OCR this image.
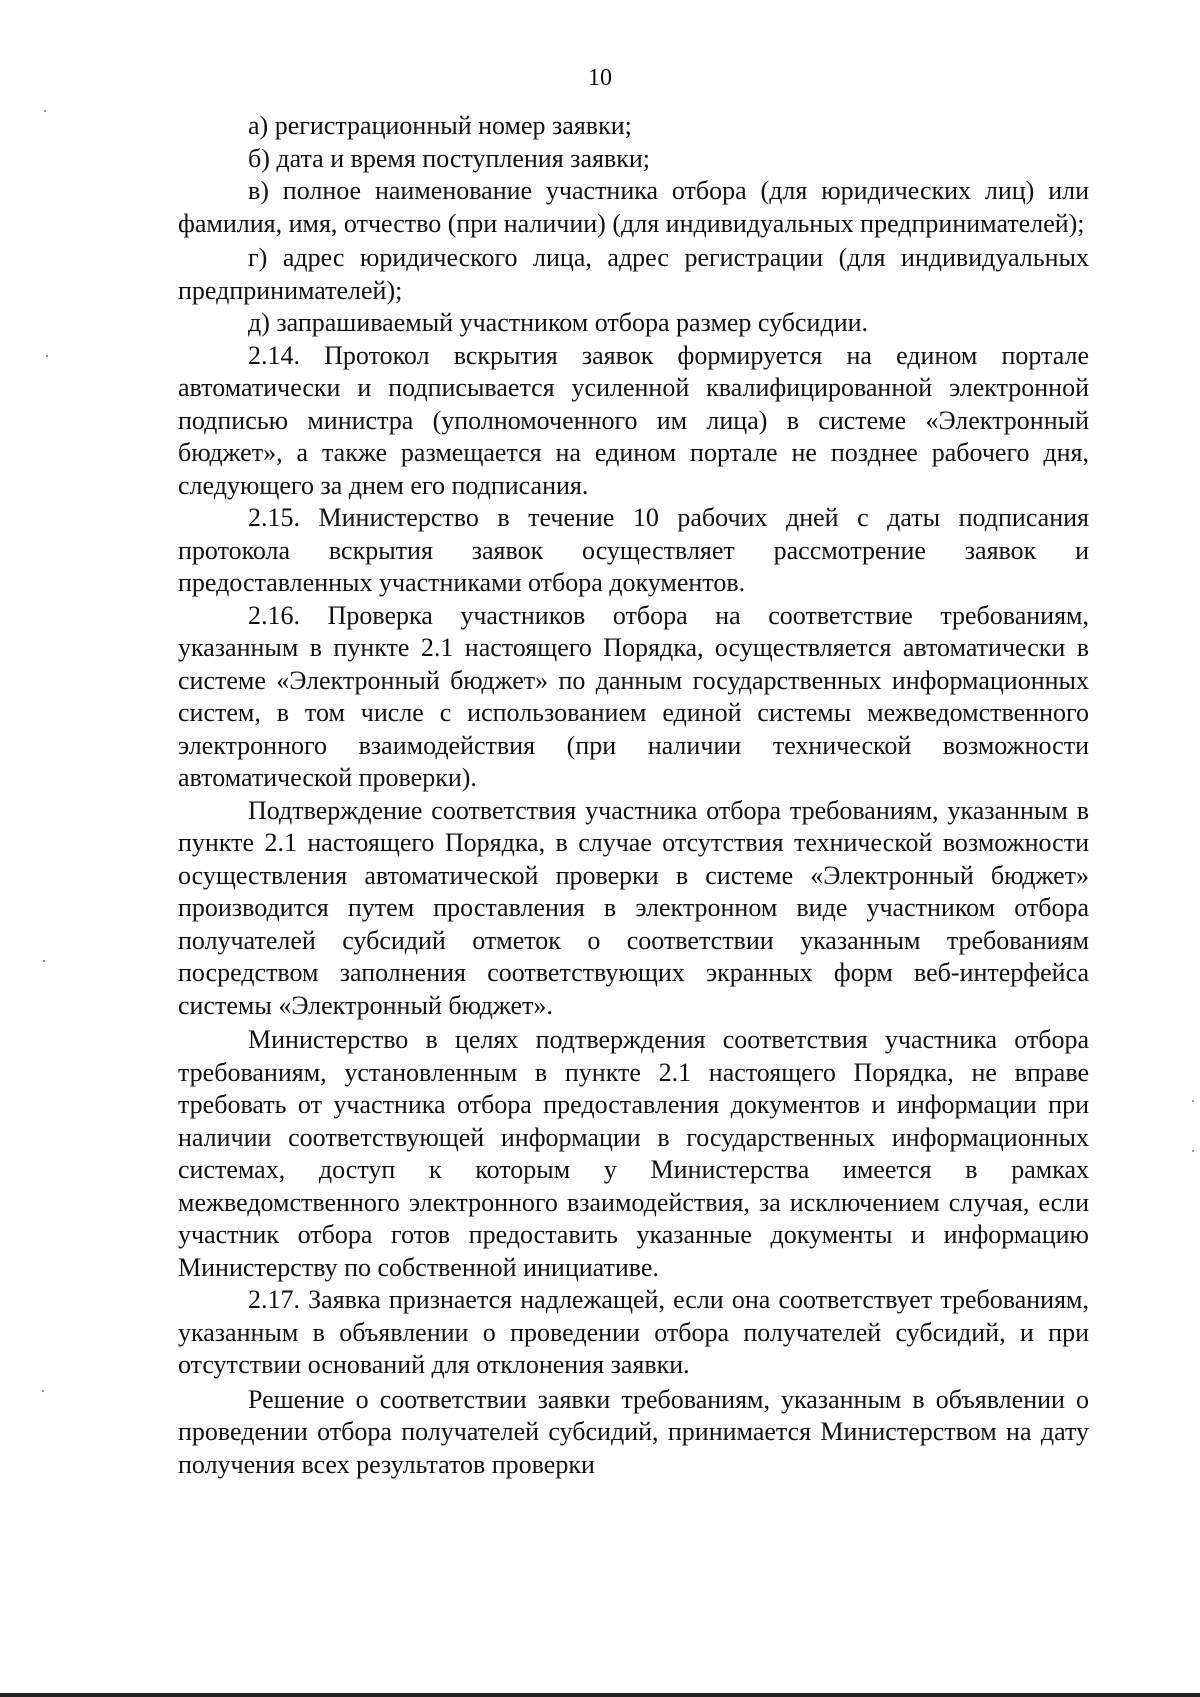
10

а) регистрационный номер заявки;

б) дата и время поступления заявки;

в) полное наименование участника отбора (для юридических лиц) или фамилия, имя, отчество (при наличии) (для индивидуальных предпринимателей);

г) адрес юридического лица, адрес регистрации (для индивидуальных предпринимателей);

д) запрашиваемый участником отбора размер субсидии.

2.14. Протокол вскрытия заявок формируется на едином портале автоматически и подписывается усиленной квалифицированной электронной подписью министра (уполномоченного им лица) в системе «Электронный бюджет», а также размещается на едином портале не позднее рабочего дня, следующего за днем его подписания.

2.15. Министерство в течение 10 рабочих дней с даты подписания протокола вскрытия заявок осуществляет рассмотрение заявок и предоставленных участниками отбора документов.

2.16. Проверка участников отбора на соответствие требованиям, указанным в пункте 2.1 настоящего Порядка, осуществляется автоматически в системе «Электронный бюджет» по данным государственных информационных систем, в том числе с использованием единой системы межведомственного электронного взаимодействия (при наличии технической возможности автоматической проверки).

Подтверждение соответствия участника отбора требованиям, указанным в пункте 2.1 настоящего Порядка, в случае отсутствия технической возможности осуществления автоматической проверки в системе «Электронный бюджет» производится путем проставления в электронном виде участником отбора получателей субсидий отметок о соответствии указанным требованиям посредством заполнения соответствующих экранных форм веб-интерфейса системы «Электронный бюджет».

Министерство в целях подтверждения соответствия участника отбора требованиям, установленным в пункте 2.1 настоящего Порядка, не вправе требовать от участника отбора предоставления документов и информации при наличии соответствующей информации в государственных информационных системах, доступ к которым у Министерства имеется в рамках межведомственного электронного взаимодействия, за исключением случая, если участник отбора готов предоставить указанные документы и информацию Министерству по собственной инициативе.

2.17. Заявка признается надлежащей, если она соответствует требованиям, указанным в объявлении о проведении отбора получателей субсидий, и при отсутствии оснований для отклонения заявки.

Решение о соответствии заявки требованиям, указанным в объявлении о проведении отбора получателей субсидий, принимается Министерством на дату получения всех результатов проверки
